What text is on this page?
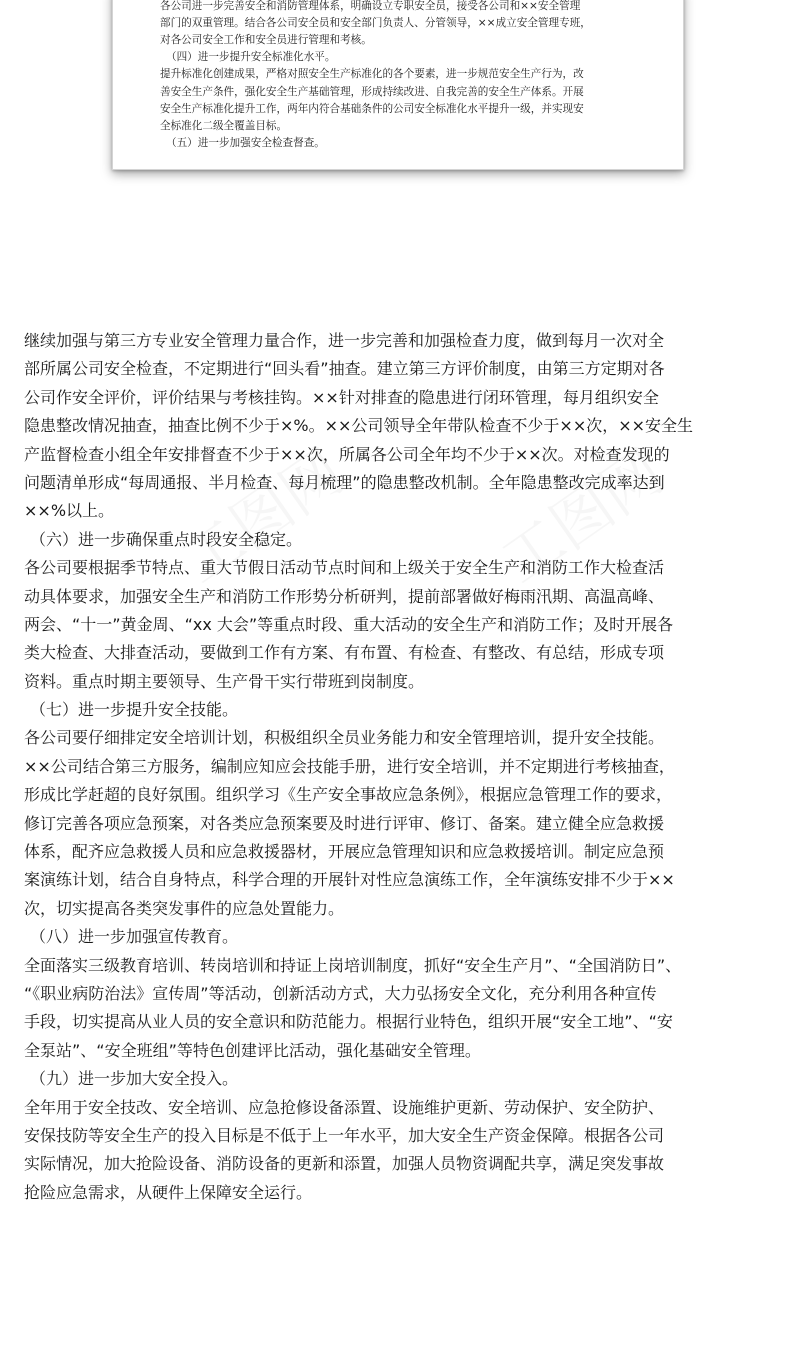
各公司进一步完善安全和消防管理体系，明确设立专职安全员，接受各公司和××安全管理
部门的双重管理。结合各公司安全员和安全部门负责人、分管领导，××成立安全管理专班，
对各公司安全工作和安全员进行管理和考核。
（四）进一步提升安全标准化水平。
提升标准化创建成果，严格对照安全生产标准化的各个要素，进一步规范安全生产行为，改
善安全生产条件，强化安全生产基础管理，形成持续改进、自我完善的安全生产体系。开展
安全生产标准化提升工作，两年内符合基础条件的公司安全标准化水平提升一级，并实现安
全标准化二级全覆盖目标。
（五）进一步加强安全检查督查。
继续加强与第三方专业安全管理力量合作，进一步完善和加强检查力度，做到每月一次对全
部所属公司安全检查，不定期进行“回头看”抽查。建立第三方评价制度，由第三方定期对各
公司作安全评价，评价结果与考核挂钩。××针对排查的隐患进行闭环管理，每月组织安全
隐患整改情况抽查，抽查比例不少于×%。××公司领导全年带队检查不少于××次，××安全生
产监督检查小组全年安排督查不少于××次，所属各公司全年均不少于××次。对检查发现的
问题清单形成“每周通报、半月检查、每月梳理”的隐患整改机制。全年隐患整改完成率达到
××%以上。
（六）进一步确保重点时段安全稳定。
各公司要根据季节特点、重大节假日活动节点时间和上级关于安全生产和消防工作大检查活
动具体要求，加强安全生产和消防工作形势分析研判，提前部署做好梅雨汛期、高温高峰、
两会、“十一”黄金周、“xx 大会”等重点时段、重大活动的安全生产和消防工作；及时开展各
类大检查、大排查活动，要做到工作有方案、有布置、有检查、有整改、有总结，形成专项
资料。重点时期主要领导、生产骨干实行带班到岗制度。
（七）进一步提升安全技能。
各公司要仔细排定安全培训计划，积极组织全员业务能力和安全管理培训，提升安全技能。
××公司结合第三方服务，编制应知应会技能手册，进行安全培训，并不定期进行考核抽查，
形成比学赶超的良好氛围。组织学习《生产安全事故应急条例》，根据应急管理工作的要求，
修订完善各项应急预案，对各类应急预案要及时进行评审、修订、备案。建立健全应急救援
体系，配齐应急救援人员和应急救援器材，开展应急管理知识和应急救援培训。制定应急预
案演练计划，结合自身特点，科学合理的开展针对性应急演练工作，全年演练安排不少于××
次，切实提高各类突发事件的应急处置能力。
（八）进一步加强宣传教育。
全面落实三级教育培训、转岗培训和持证上岗培训制度，抓好“安全生产月”、“全国消防日”、
“《职业病防治法》宣传周”等活动，创新活动方式，大力弘扬安全文化，充分利用各种宣传
手段，切实提高从业人员的安全意识和防范能力。根据行业特色，组织开展“安全工地”、“安
全泵站”、“安全班组”等特色创建评比活动，强化基础安全管理。
（九）进一步加大安全投入。
全年用于安全技改、安全培训、应急抢修设备添置、设施维护更新、劳动保护、安全防护、
安保技防等安全生产的投入目标是不低于上一年水平，加大安全生产资金保障。根据各公司
实际情况，加大抢险设备、消防设备的更新和添置，加强人员物资调配共享，满足突发事故
抢险应急需求，从硬件上保障安全运行。
